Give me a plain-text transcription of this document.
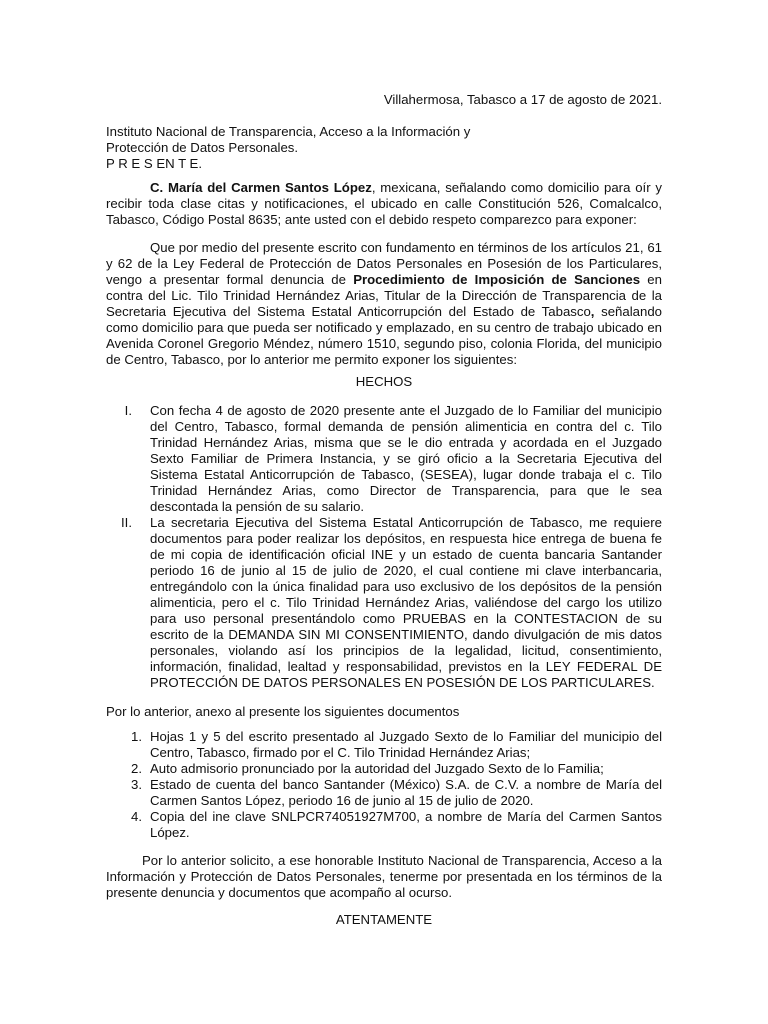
Villahermosa, Tabasco a 17 de agosto de 2021.
Instituto Nacional de Transparencia, Acceso a la Información y
Protección de Datos Personales.
P R E S EN T E.
C. María del Carmen Santos López, mexicana, señalando como domicilio para oír y recibir toda clase citas y notificaciones, el ubicado en calle Constitución 526, Comalcalco, Tabasco, Código Postal 8635; ante usted con el debido respeto comparezco para exponer:
Que por medio del presente escrito con fundamento en términos de los artículos 21, 61 y 62 de la Ley Federal de Protección de Datos Personales en Posesión de los Particulares, vengo a presentar formal denuncia de Procedimiento de Imposición de Sanciones en contra del Lic. Tilo Trinidad Hernández Arias, Titular de la Dirección de Transparencia de la Secretaria Ejecutiva del Sistema Estatal Anticorrupción del Estado de Tabasco, señalando como domicilio para que pueda ser notificado y emplazado, en su centro de trabajo ubicado en Avenida Coronel Gregorio Méndez, número 1510, segundo piso, colonia Florida, del municipio de Centro, Tabasco, por lo anterior me permito exponer los siguientes:
HECHOS
I. Con fecha 4 de agosto de 2020 presente ante el Juzgado de lo Familiar del municipio del Centro, Tabasco, formal demanda de pensión alimenticia en contra del c. Tilo Trinidad Hernández Arias, misma que se le dio entrada y acordada en el Juzgado Sexto Familiar de Primera Instancia, y se giró oficio a la Secretaria Ejecutiva del Sistema Estatal Anticorrupción de Tabasco, (SESEA), lugar donde trabaja el c. Tilo Trinidad Hernández Arias, como Director de Transparencia, para que le sea descontada la pensión de su salario.
II. La secretaria Ejecutiva del Sistema Estatal Anticorrupción de Tabasco, me requiere documentos para poder realizar los depósitos, en respuesta hice entrega de buena fe de mi copia de identificación oficial INE y un estado de cuenta bancaria Santander periodo 16 de junio al 15 de julio de 2020, el cual contiene mi clave interbancaria, entregándolo con la única finalidad para uso exclusivo de los depósitos de la pensión alimenticia, pero el c. Tilo Trinidad Hernández Arias, valiéndose del cargo los utilizo para uso personal presentándolo como PRUEBAS en la CONTESTACION de su escrito de la DEMANDA SIN MI CONSENTIMIENTO, dando divulgación de mis datos personales, violando así los principios de la legalidad, licitud, consentimiento, información, finalidad, lealtad y responsabilidad, previstos en la LEY FEDERAL DE PROTECCIÓN DE DATOS PERSONALES EN POSESIÓN DE LOS PARTICULARES.
Por lo anterior, anexo al presente los siguientes documentos
1. Hojas 1 y 5 del escrito presentado al Juzgado Sexto de lo Familiar del municipio del Centro, Tabasco, firmado por el C. Tilo Trinidad Hernández Arias;
2. Auto admisorio pronunciado por la autoridad del Juzgado Sexto de lo Familia;
3. Estado de cuenta del banco Santander (México) S.A. de C.V. a nombre de María del Carmen Santos López, periodo 16 de junio al 15 de julio de 2020.
4. Copia del ine clave SNLPCR74051927M700, a nombre de María del Carmen Santos López.
Por lo anterior solicito, a ese honorable Instituto Nacional de Transparencia, Acceso a la Información y Protección de Datos Personales, tenerme por presentada en los términos de la presente denuncia y documentos que acompaño al ocurso.
ATENTAMENTE
